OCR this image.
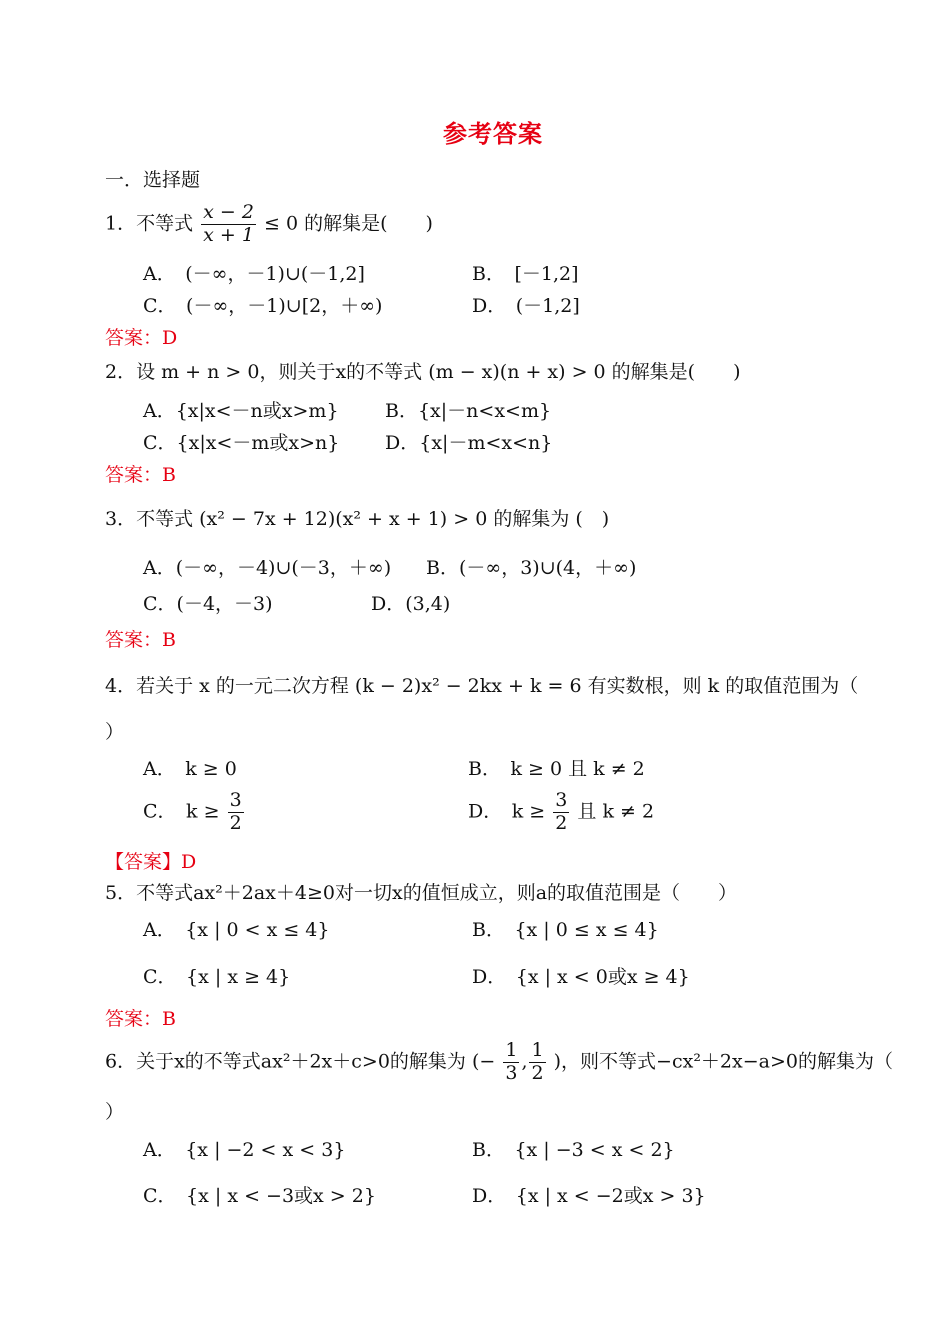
参考答案
一．选择题
1．不等式 $\frac{x - 2}{x + 1} \le 0$ 的解集是(　　)
A．　(－∞，－1)∪(－1,2]	B．　[－1,2]
C．　(－∞，－1)∪[2，＋∞)	D．　(－1,2]
答案：D
2．设 m + n > 0，则关于x的不等式 (m − x)(n + x) > 0 的解集是(　　)
A．{x|x<－n或x>m} B．{x|－n<x<m}
C．{x|x<－m或x>n} D．{x|－m<x<n}
答案：B
3．不等式 (x² − 7x + 12)(x² + x + 1) > 0 的解集为 (　)
A．(－∞，－4)∪(－3，＋∞) B．(－∞，3)∪(4，＋∞)
C．(－4，－3)	D．(3,4)
答案：B
4．若关于 x 的一元二次方程 (k − 2)x² − 2kx + k = 6 有实数根，则 k 的取值范围为（
）
A．　k ≥ 0	B．　k ≥ 0 且 k ≠ 2
C．　$k \ge \frac{3}{2}$	D．　$k \ge \frac{3}{2}$ 且 k ≠ 2
【答案】D
5．不等式ax²＋2ax＋4≥0对一切x的值恒成立，则a的取值范围是（　　）
A．　{x | 0 < x ≤ 4}	B．　{x | 0 ≤ x ≤ 4}
C．　{x | x ≥ 4}	D．　{x | x < 0或x ≥ 4}
答案：B
6．关于x的不等式ax²＋2x＋c>0的解集为 (− $\frac{1}{3}$ , $\frac{1}{2}$ )，则不等式−cx²＋2x−a>0的解集为（
）
A．　{x | −2 < x < 3}	B．　{x | −3 < x < 2}
C．　{x | x < −3或x > 2}	D．　{x | x < −2或x > 3}
